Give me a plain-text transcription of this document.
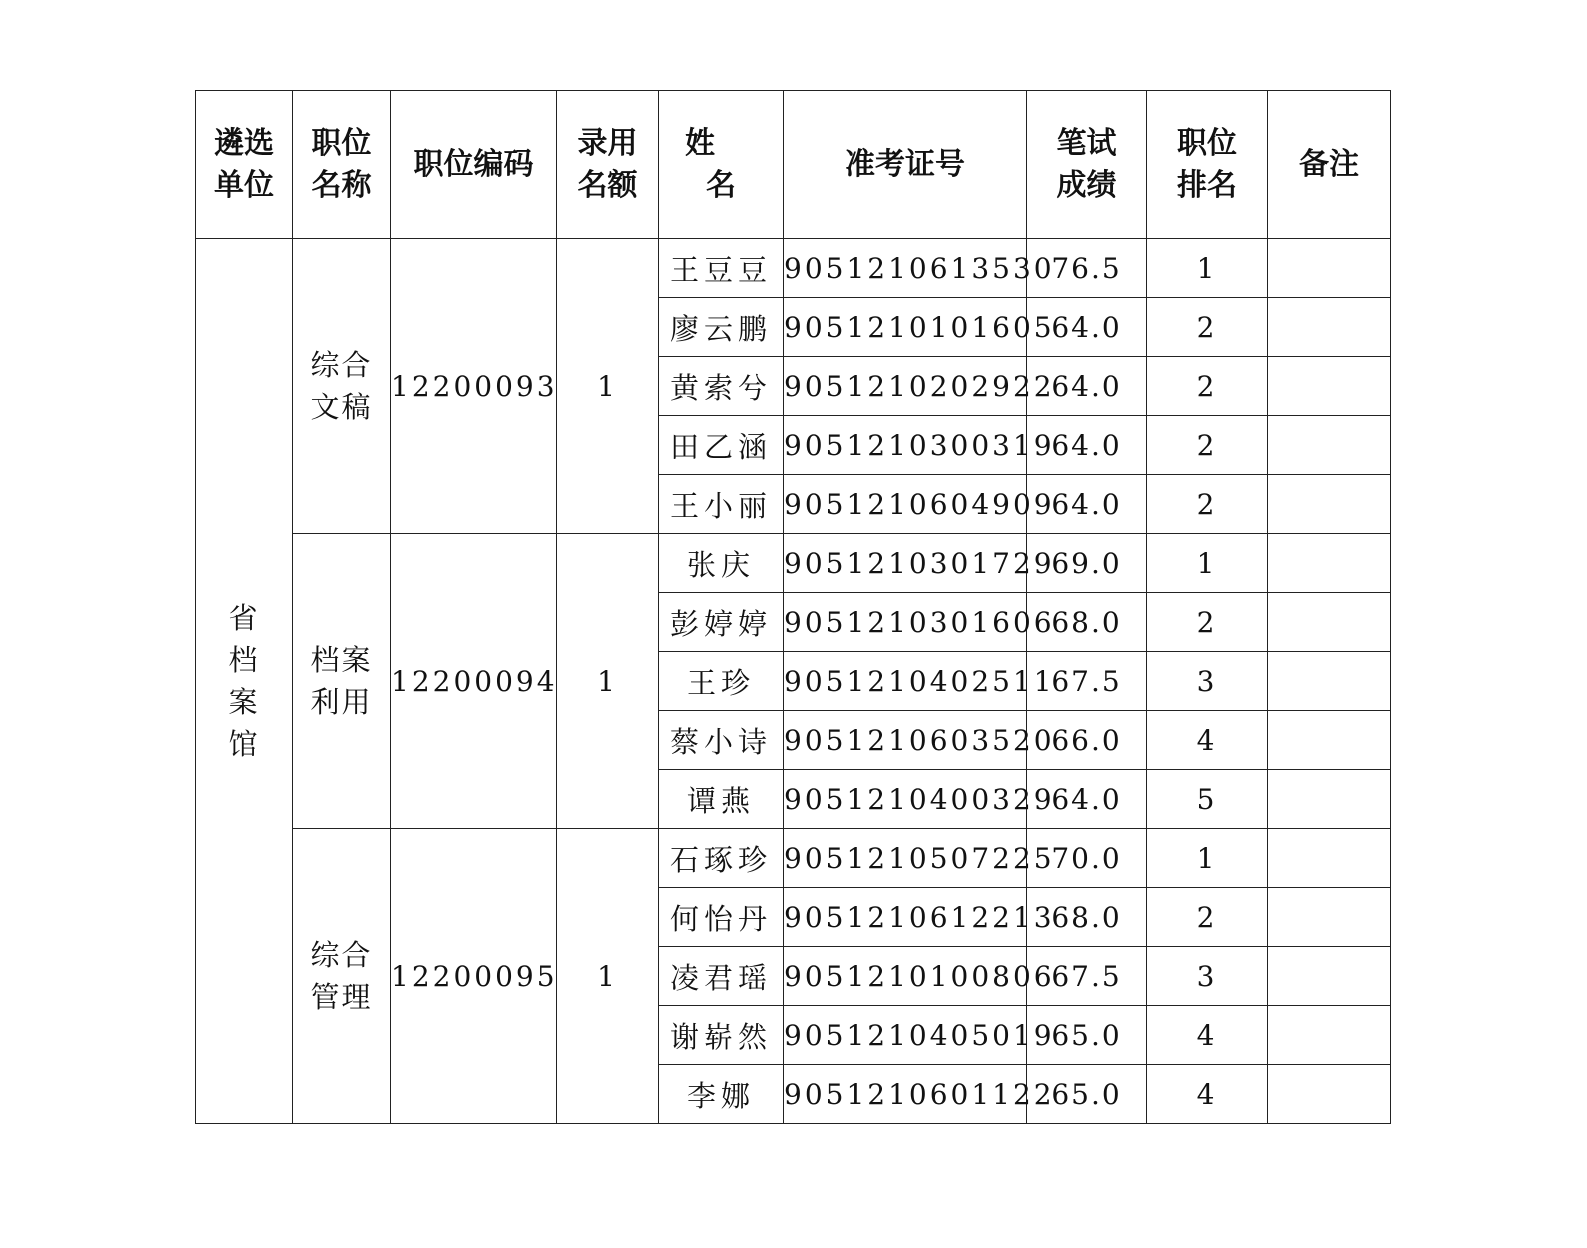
遴选单位	职位名称	职位编码	录用名额	姓名	准考证号	笔试成绩	职位排名	备注
省档案馆	综合文稿	12200093	1	王豆豆	9051210613530	76.5	1	
				廖云鹏	9051210101605	64.0	2	
				黄索兮	9051210202922	64.0	2	
				田乙涵	9051210300319	64.0	2	
				王小丽	9051210604909	64.0	2	
	档案利用	12200094	1	张庆	9051210301729	69.0	1	
				彭婷婷	9051210301606	68.0	2	
				王珍	9051210402511	67.5	3	
				蔡小诗	9051210603520	66.0	4	
				谭燕	9051210400329	64.0	5	
	综合管理	12200095	1	石琢珍	9051210507225	70.0	1	
				何怡丹	9051210612213	68.0	2	
				凌君瑶	9051210100806	67.5	3	
				谢崭然	9051210405019	65.0	4	
				李娜	9051210601122	65.0	4	
